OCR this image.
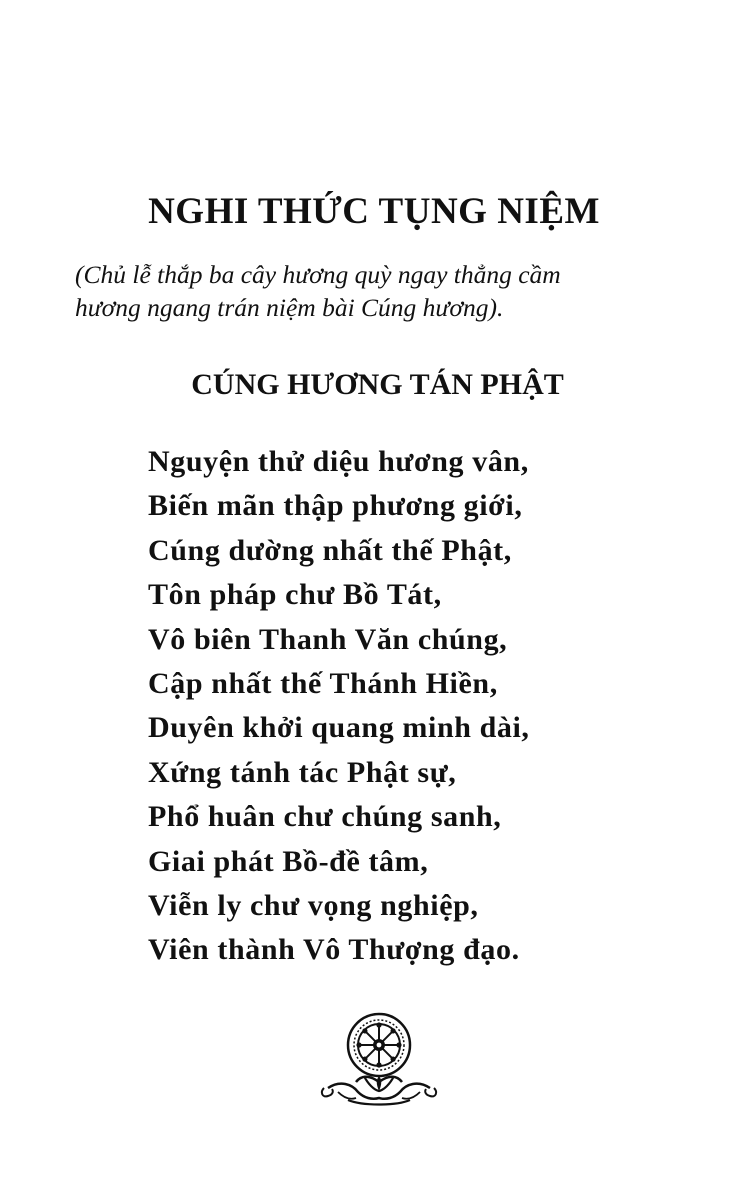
NGHI THỨC TỤNG NIỆM

(Chủ lễ thắp ba cây hương quỳ ngay thẳng cầm
hương ngang trán niệm bài Cúng hương).

CÚNG HƯƠNG TÁN PHẬT
Nguyện thử diệu hương vân,
Biến mãn thập phương giới,
Cúng dường nhất thế Phật,
Tôn pháp chư Bồ Tát,
Vô biên Thanh Văn chúng,
Cập nhất thế Thánh Hiền,
Duyên khởi quang minh dài,
Xứng tánh tác Phật sự,
Phổ huân chư chúng sanh,
Giai phát Bồ-đề tâm,
Viễn ly chư vọng nghiệp,
Viên thành Vô Thượng đạo.
